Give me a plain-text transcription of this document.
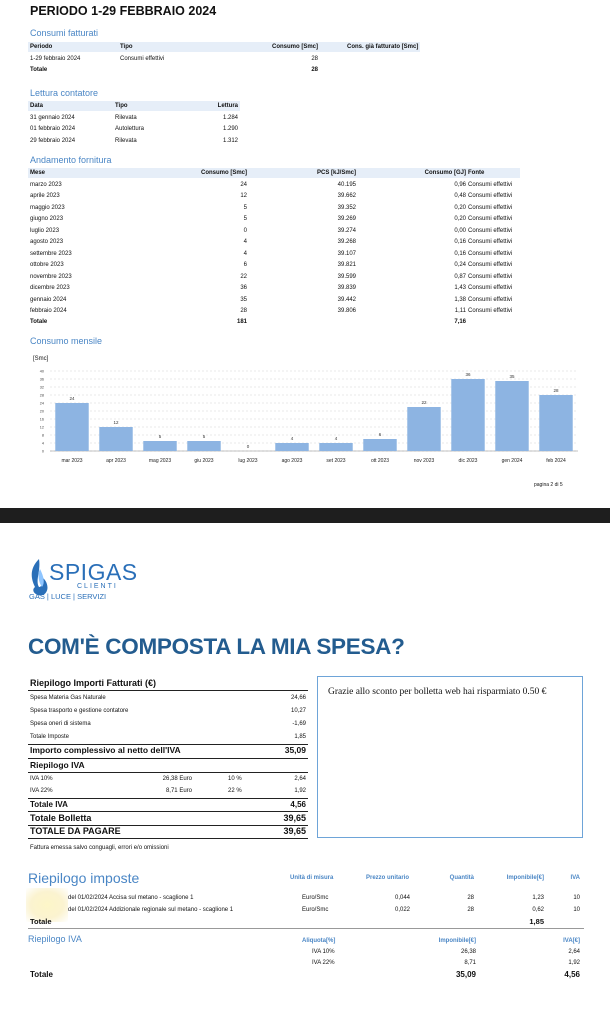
PERIODO 1-29 FEBBRAIO 2024
Consumi fatturati
Periodo	Tipo	Consumo [Smc]	Cons. già fatturato [Smc]
1-29 febbraio 2024	Consumi effettivi	28
Totale	28
Lettura contatore
Data	Tipo	Lettura
31 gennaio 2024	Rilevata	1.284
01 febbraio 2024	Autolettura	1.290
29 febbraio 2024	Rilevata	1.312
Andamento fornitura
Mese	Consumo [Smc]	PCS [kJ/Smc]	Consumo [GJ] Fonte
marzo 2023	24	40.195	0,96 Consumi effettivi
aprile 2023	12	39.662	0,48 Consumi effettivi
maggio 2023	5	39.352	0,20 Consumi effettivi
giugno 2023	5	39.269	0,20 Consumi effettivi
luglio 2023	0	39.274	0,00 Consumi effettivi
agosto 2023	4	39.268	0,16 Consumi effettivi
settembre 2023	4	39.107	0,16 Consumi effettivi
ottobre 2023	6	39.821	0,24 Consumi effettivi
novembre 2023	22	39.599	0,87 Consumi effettivi
dicembre 2023	36	39.839	1,43 Consumi effettivi
gennaio 2024	35	39.442	1,38 Consumi effettivi
febbraio 2024	28	39.806	1,11 Consumi effettivi
Totale	181	7,16
Consumo mensile
[Smc]
0
4
8
12
16
20
24
28
32
36
40
24
mar 2023
12
apr 2023
5
mag 2023
5
giu 2023
0
lug 2023
4
ago 2023
4
set 2023
6
ott 2023
22
nov 2023
36
dic 2023
35
gen 2024
28
feb 2024
pagina 2 di 5
SPIGAS
CLIENTI
GAS | LUCE | SERVIZI
COM'È COMPOSTA LA MIA SPESA?
Riepilogo Importi Fatturati (€)
Spesa Materia Gas Naturale	24,66
Spesa trasporto e gestione contatore	10,27
Spesa oneri di sistema	-1,69
Totale Imposte	1,85
Importo complessivo al netto dell'IVA	35,09
Riepilogo IVA
IVA 10%	26,38 Euro	10 %	2,64
IVA 22%	8,71 Euro	22 %	1,92
Totale IVA	4,56
Totale Bolletta	39,65
TOTALE DA PAGARE	39,65
Fattura emessa salvo conguagli, errori e/o omissioni
Grazie allo sconto per bolletta web hai risparmiato 0.50 €
Riepilogo imposte	Unità di misura	Prezzo unitario	Quantità	Imponibile[€]	IVA
del 01/02/2024 Accisa sul metano - scaglione 1	Euro/Smc	0,044	28	1,23	10
del 01/02/2024 Addizionale regionale sul metano - scaglione 1	Euro/Smc	0,022	28	0,62	10
Totale	1,85
Riepilogo IVA	Aliquota[%]	Imponibile[€]	IVA[€]
IVA 10%	26,38	2,64
IVA 22%	8,71	1,92
Totale	35,09	4,56
